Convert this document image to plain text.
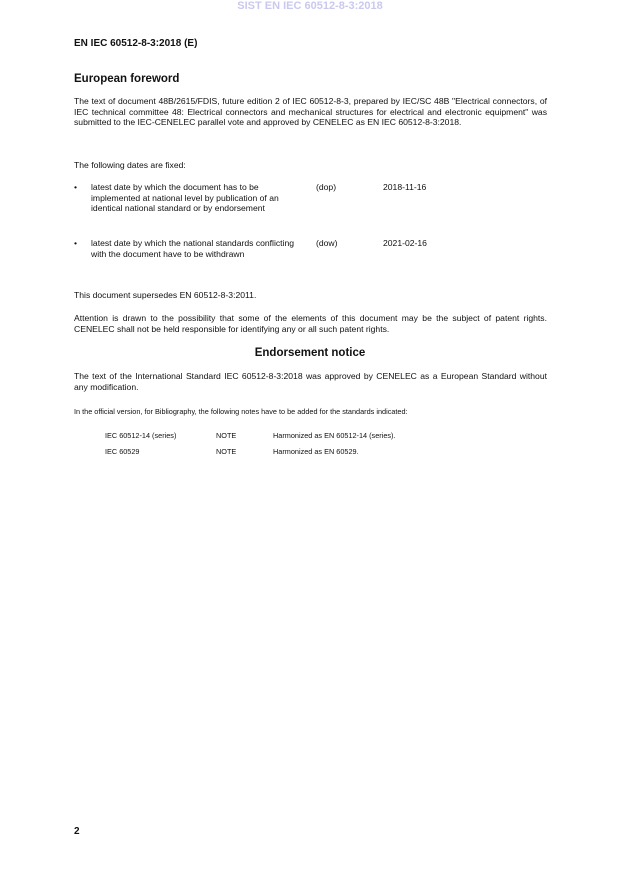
SIST EN IEC 60512-8-3:2018
EN IEC 60512-8-3:2018 (E)
European foreword
The text of document 48B/2615/FDIS, future edition 2 of IEC 60512-8-3, prepared by IEC/SC 48B "Electrical connectors, of IEC technical committee 48: Electrical connectors and mechanical structures for electrical and electronic equipment" was submitted to the IEC-CENELEC parallel vote and approved by CENELEC as EN IEC 60512-8-3:2018.
The following dates are fixed:
• latest date by which the document has to be implemented at national level by publication of an identical national standard or by endorsement
(dop)	2018-11-16
• latest date by which the national standards conflicting with the document have to be withdrawn
(dow)	2021-02-16
This document supersedes EN 60512-8-3:2011.
Attention is drawn to the possibility that some of the elements of this document may be the subject of patent rights. CENELEC shall not be held responsible for identifying any or all such patent rights.
Endorsement notice
The text of the International Standard IEC 60512-8-3:2018 was approved by CENELEC as a European Standard without any modification.
In the official version, for Bibliography, the following notes have to be added for the standards indicated:
IEC 60512-14 (series)	NOTE	Harmonized as EN 60512-14 (series).
IEC 60529	NOTE	Harmonized as EN 60529.
2
